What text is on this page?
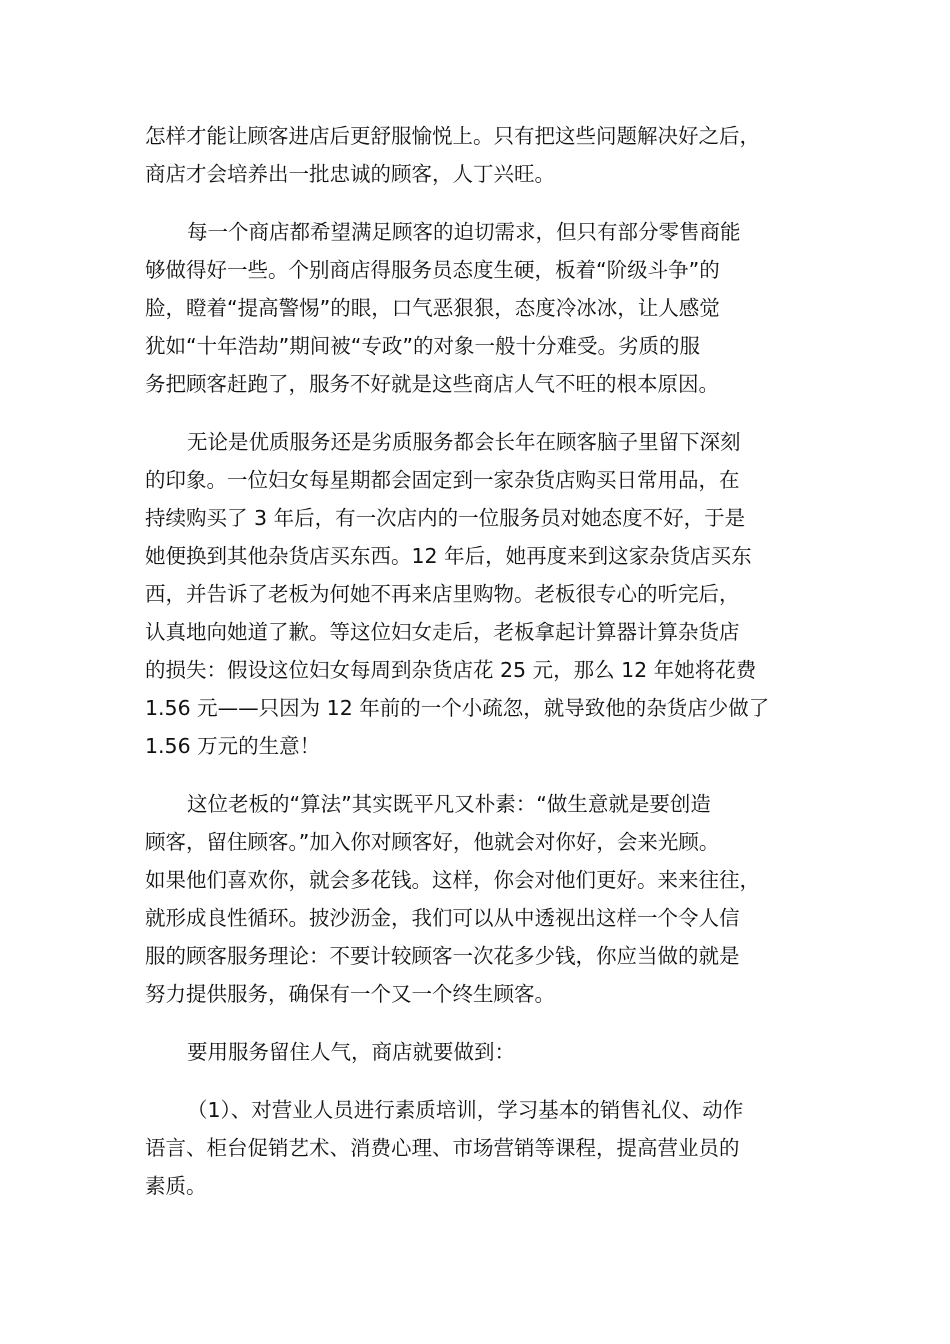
怎样才能让顾客进店后更舒服愉悦上。只有把这些问题解决好之后，
商店才会培养出一批忠诚的顾客，人丁兴旺。
每一个商店都希望满足顾客的迫切需求，但只有部分零售商能
够做得好一些。个别商店得服务员态度生硬，板着“阶级斗争”的
脸，瞪着“提高警惕”的眼，口气恶狠狠，态度冷冰冰，让人感觉
犹如“十年浩劫”期间被“专政”的对象一般十分难受。劣质的服
务把顾客赶跑了，服务不好就是这些商店人气不旺的根本原因。
无论是优质服务还是劣质服务都会长年在顾客脑子里留下深刻
的印象。一位妇女每星期都会固定到一家杂货店购买日常用品，在
持续购买了 3 年后，有一次店内的一位服务员对她态度不好，于是
她便换到其他杂货店买东西。12 年后，她再度来到这家杂货店买东
西，并告诉了老板为何她不再来店里购物。老板很专心的听完后，
认真地向她道了歉。等这位妇女走后，老板拿起计算器计算杂货店
的损失：假设这位妇女每周到杂货店花 25 元，那么 12 年她将花费
1.56 元——只因为 12 年前的一个小疏忽，就导致他的杂货店少做了
1.56 万元的生意！
这位老板的“算法”其实既平凡又朴素：“做生意就是要创造
顾客，留住顾客。”加入你对顾客好，他就会对你好，会来光顾。
如果他们喜欢你，就会多花钱。这样，你会对他们更好。来来往往，
就形成良性循环。披沙沥金，我们可以从中透视出这样一个令人信
服的顾客服务理论：不要计较顾客一次花多少钱，你应当做的就是
努力提供服务，确保有一个又一个终生顾客。
要用服务留住人气，商店就要做到：
（1）、对营业人员进行素质培训，学习基本的销售礼仪、动作
语言、柜台促销艺术、消费心理、市场营销等课程，提高营业员的
素质。
